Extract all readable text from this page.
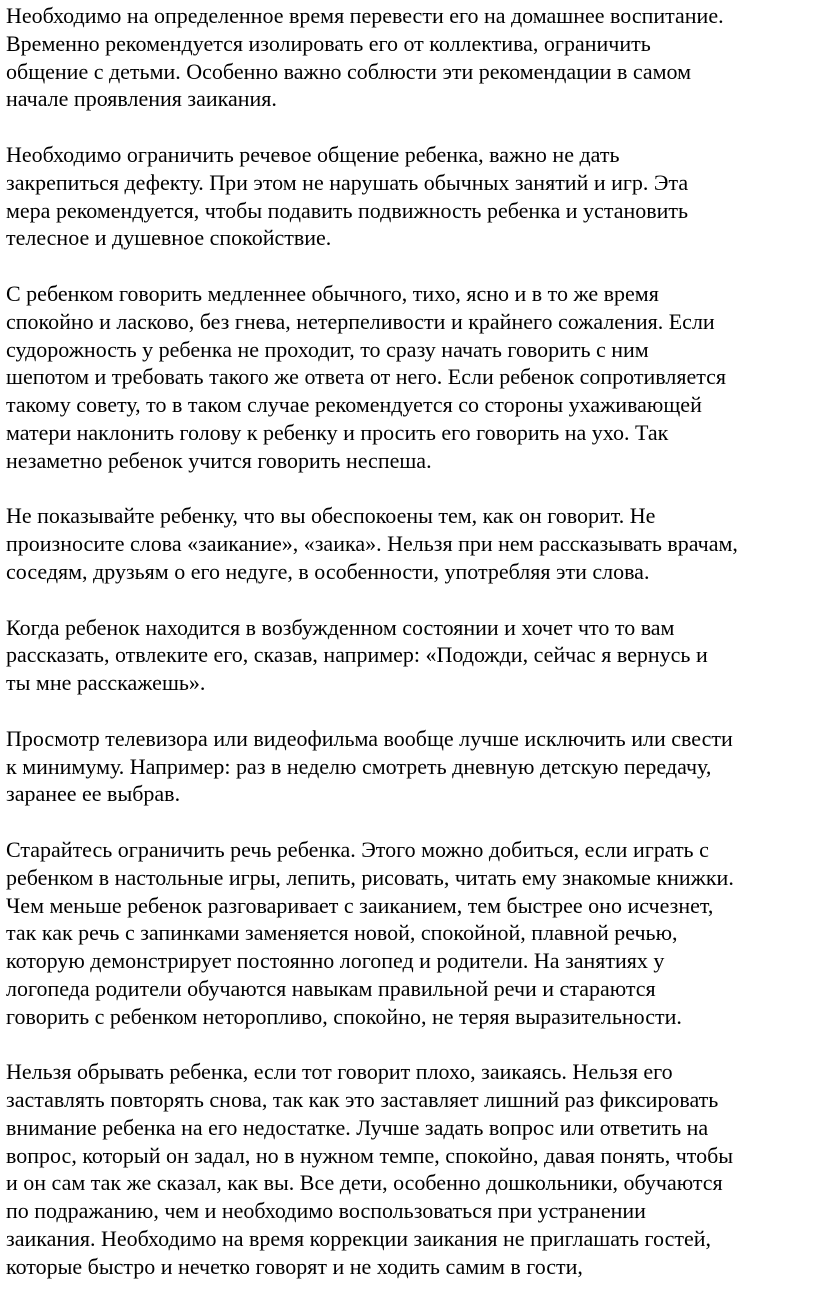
Необходимо на определенное время перевести его на домашнее воспитание.
Временно рекомендуется изолировать его от коллектива, ограничить
общение с детьми. Особенно важно соблюсти эти рекомендации в самом
начале проявления заикания.

Необходимо ограничить речевое общение ребенка, важно не дать
закрепиться дефекту. При этом не нарушать обычных занятий и игр. Эта
мера рекомендуется, чтобы подавить подвижность ребенка и установить
телесное и душевное спокойствие.

С ребенком говорить медленнее обычного, тихо, ясно и в то же время
спокойно и ласково, без гнева, нетерпеливости и крайнего сожаления. Если
судорожность у ребенка не проходит, то сразу начать говорить с ним
шепотом и требовать такого же ответа от него. Если ребенок сопротивляется
такому совету, то в таком случае рекомендуется со стороны ухаживающей
матери наклонить голову к ребенку и просить его говорить на ухо. Так
незаметно ребенок учится говорить неспеша.

Не показывайте ребенку, что вы обеспокоены тем, как он говорит. Не
произносите слова «заикание», «заика». Нельзя при нем рассказывать врачам,
соседям, друзьям о его недуге, в особенности, употребляя эти слова.

Когда ребенок находится в возбужденном состоянии и хочет что то вам
рассказать, отвлеките его, сказав, например: «Подожди, сейчас я вернусь и
ты мне расскажешь».

Просмотр телевизора или видеофильма вообще лучше исключить или свести
к минимуму. Например: раз в неделю смотреть дневную детскую передачу,
заранее ее выбрав.

Старайтесь ограничить речь ребенка. Этого можно добиться, если играть с
ребенком в настольные игры, лепить, рисовать, читать ему знакомые книжки.
Чем меньше ребенок разговаривает с заиканием, тем быстрее оно исчезнет,
так как речь с запинками заменяется новой, спокойной, плавной речью,
которую демонстрирует постоянно логопед и родители. На занятиях у
логопеда родители обучаются навыкам правильной речи и стараются
говорить с ребенком неторопливо, спокойно, не теряя выразительности.

Нельзя обрывать ребенка, если тот говорит плохо, заикаясь. Нельзя его
заставлять повторять снова, так как это заставляет лишний раз фиксировать
внимание ребенка на его недостатке. Лучше задать вопрос или ответить на
вопрос, который он задал, но в нужном темпе, спокойно, давая понять, чтобы
и он сам так же сказал, как вы. Все дети, особенно дошкольники, обучаются
по подражанию, чем и необходимо воспользоваться при устранении
заикания. Необходимо на время коррекции заикания не приглашать гостей,
которые быстро и нечетко говорят и не ходить самим в гости,
